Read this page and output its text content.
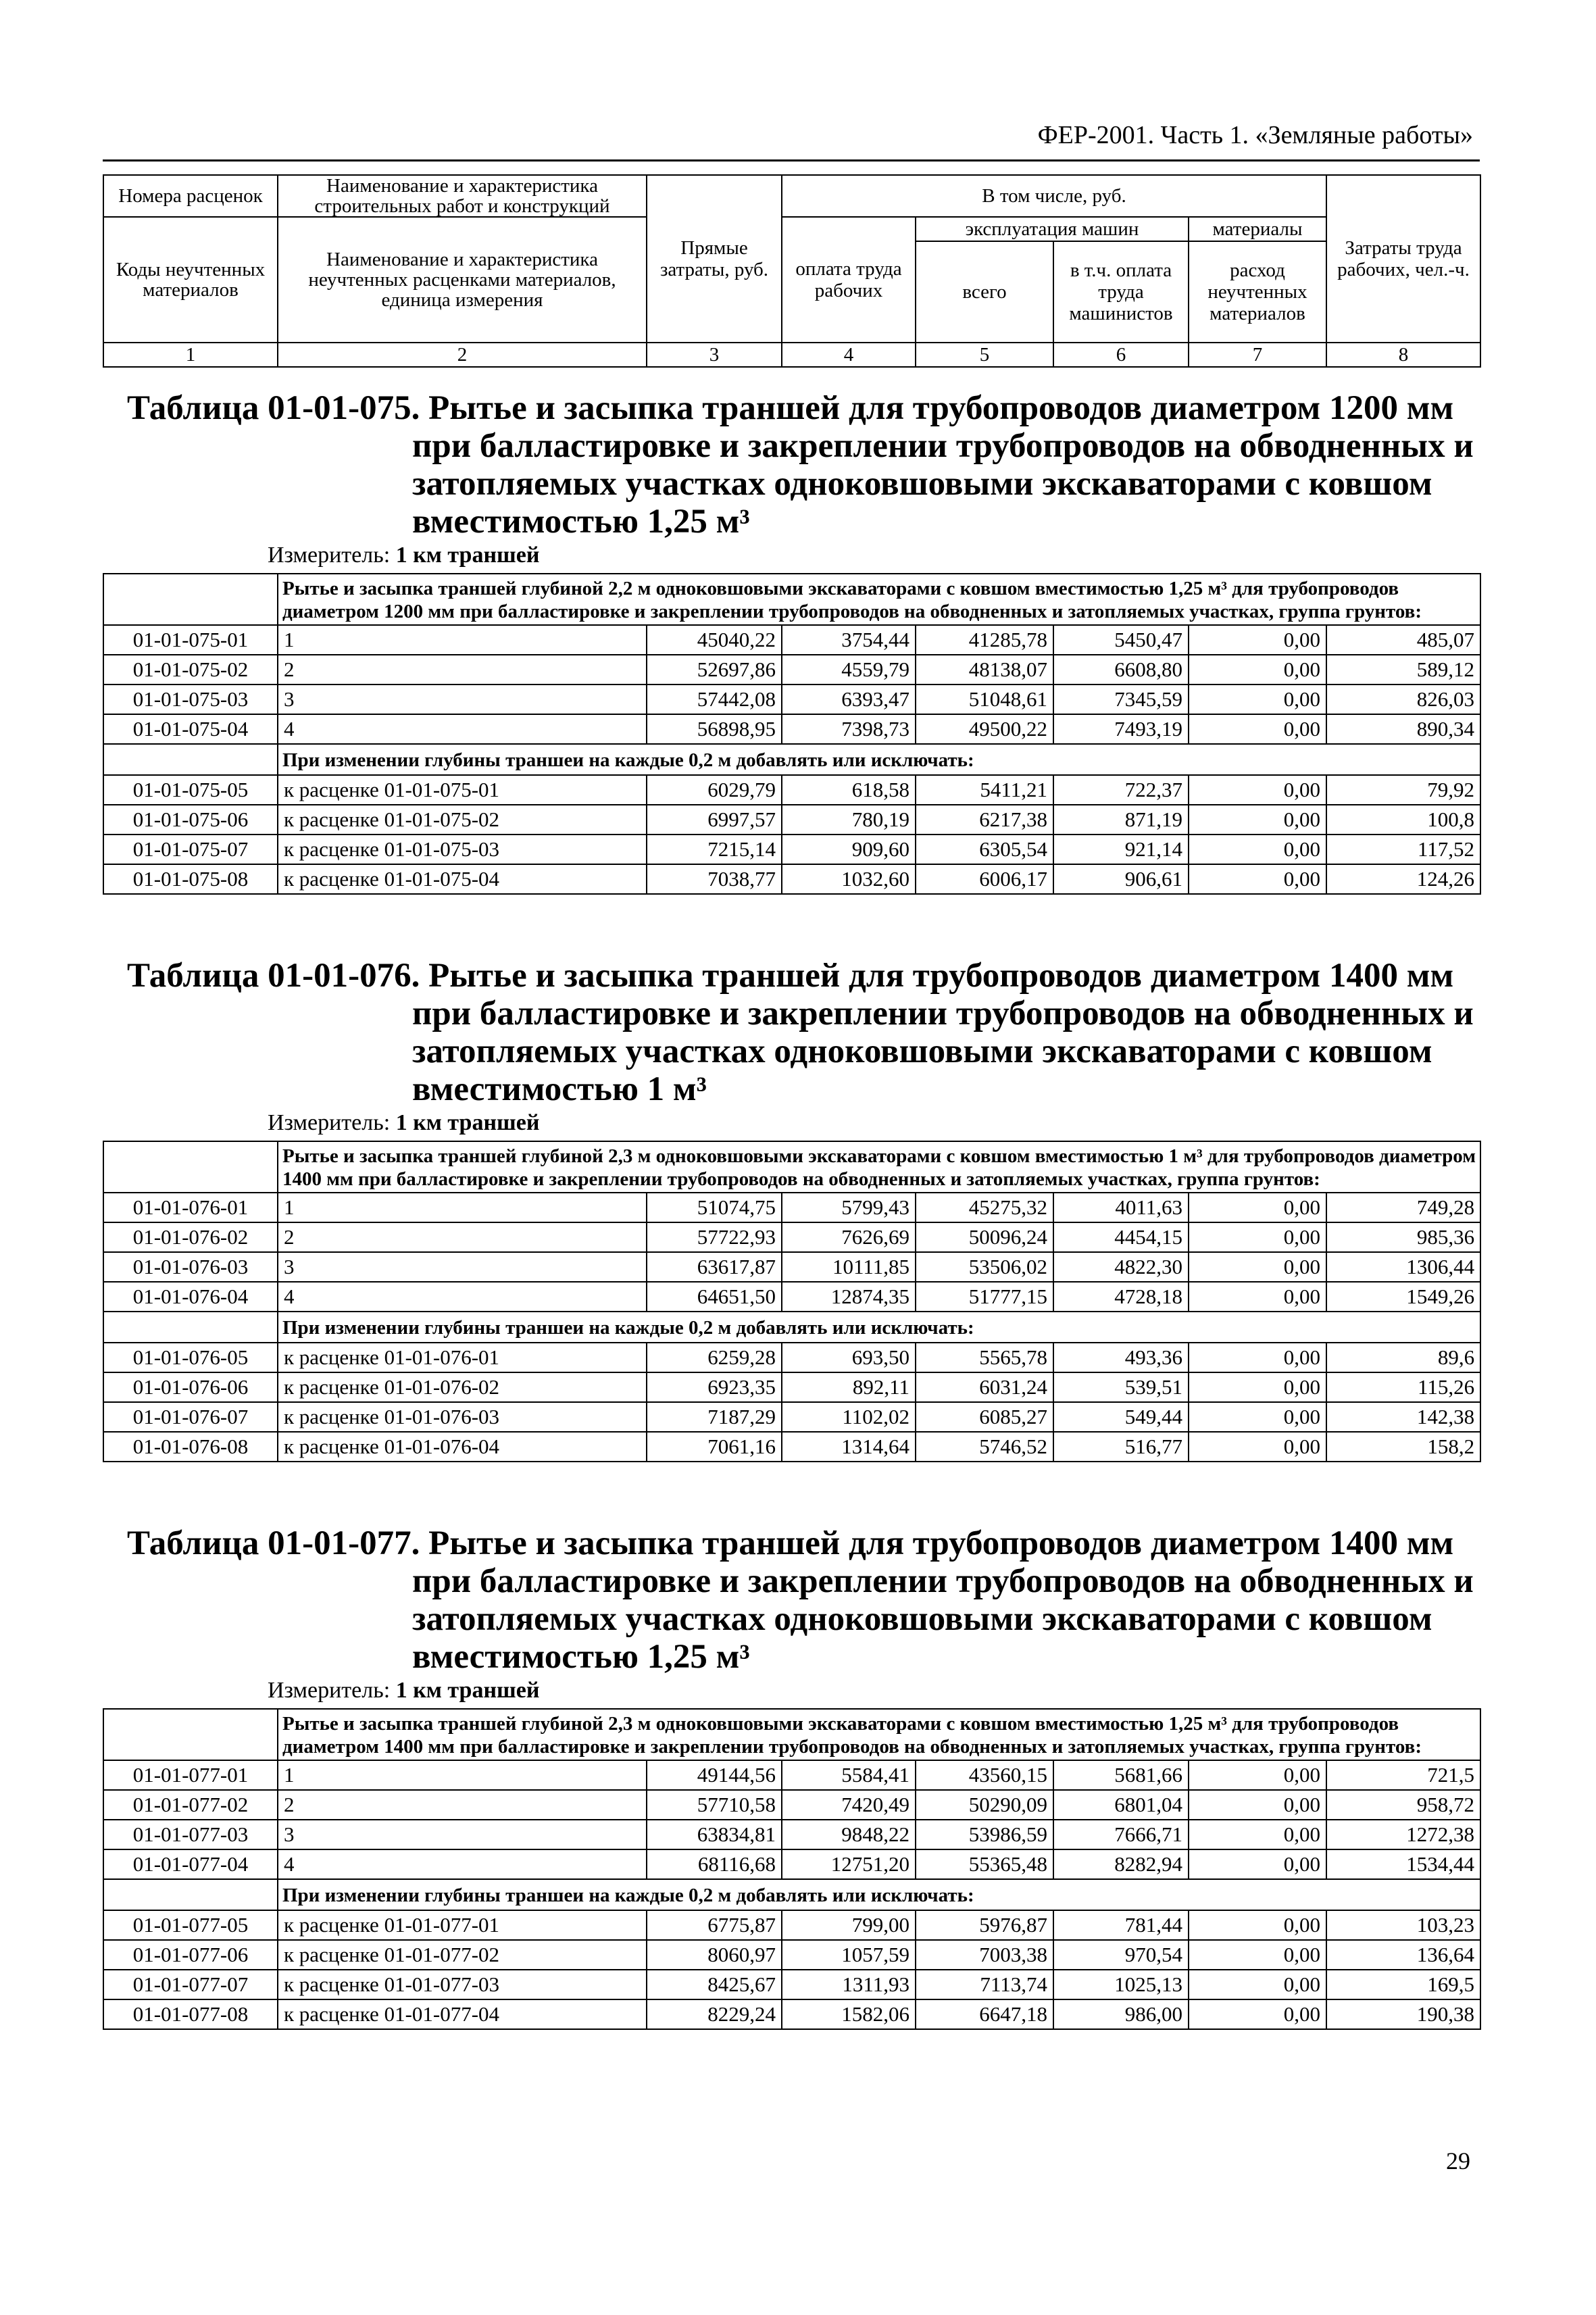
ФЕР-2001. Часть 1. «Земляные работы»
Номера расценок	Наименование и характеристика строительных работ и конструкций	Прямые затраты, руб.	В том числе, руб.				Затраты труда рабочих, чел.-ч.
Коды неучтенных материалов	Наименование и характеристика неучтенных расценками материалов, единица измерения		оплата труда рабочих	эксплуатация машин		материалы	
				всего	в т.ч. оплата труда машинистов	расход неучтенных материалов	
1	2	3	4	5	6	7	8
Таблица 01-01-075. Рытье и засыпка траншей для трубопроводов диаметром 1200 мм при балластировке и закреплении трубопроводов на обводненных и затопляемых участках одноковшовыми экскаваторами с ковшом вместимостью 1,25 м³
Измеритель: 1 км траншей
	Рытье и засыпка траншей глубиной 2,2 м одноковшовыми экскаваторами с ковшом вместимостью 1,25 м³ для трубопроводов диаметром 1200 мм при балластировке и закреплении трубопроводов на обводненных и затопляемых участках, группа грунтов:						
01-01-075-01	1	45040,22	3754,44	41285,78	5450,47	0,00	485,07
01-01-075-02	2	52697,86	4559,79	48138,07	6608,80	0,00	589,12
01-01-075-03	3	57442,08	6393,47	51048,61	7345,59	0,00	826,03
01-01-075-04	4	56898,95	7398,73	49500,22	7493,19	0,00	890,34
	При изменении глубины траншеи на каждые 0,2 м добавлять или исключать:						
01-01-075-05	к расценке 01-01-075-01	6029,79	618,58	5411,21	722,37	0,00	79,92
01-01-075-06	к расценке 01-01-075-02	6997,57	780,19	6217,38	871,19	0,00	100,8
01-01-075-07	к расценке 01-01-075-03	7215,14	909,60	6305,54	921,14	0,00	117,52
01-01-075-08	к расценке 01-01-075-04	7038,77	1032,60	6006,17	906,61	0,00	124,26
Таблица 01-01-076. Рытье и засыпка траншей для трубопроводов диаметром 1400 мм при балластировке и закреплении трубопроводов на обводненных и затопляемых участках одноковшовыми экскаваторами с ковшом вместимостью 1 м³
Измеритель: 1 км траншей
	Рытье и засыпка траншей глубиной 2,3 м одноковшовыми экскаваторами с ковшом вместимостью 1 м³ для трубопроводов диаметром 1400 мм при балластировке и закреплении трубопроводов на обводненных и затопляемых участках, группа грунтов:						
01-01-076-01	1	51074,75	5799,43	45275,32	4011,63	0,00	749,28
01-01-076-02	2	57722,93	7626,69	50096,24	4454,15	0,00	985,36
01-01-076-03	3	63617,87	10111,85	53506,02	4822,30	0,00	1306,44
01-01-076-04	4	64651,50	12874,35	51777,15	4728,18	0,00	1549,26
	При изменении глубины траншеи на каждые 0,2 м добавлять или исключать:						
01-01-076-05	к расценке 01-01-076-01	6259,28	693,50	5565,78	493,36	0,00	89,6
01-01-076-06	к расценке 01-01-076-02	6923,35	892,11	6031,24	539,51	0,00	115,26
01-01-076-07	к расценке 01-01-076-03	7187,29	1102,02	6085,27	549,44	0,00	142,38
01-01-076-08	к расценке 01-01-076-04	7061,16	1314,64	5746,52	516,77	0,00	158,2
Таблица 01-01-077. Рытье и засыпка траншей для трубопроводов диаметром 1400 мм при балластировке и закреплении трубопроводов на обводненных и затопляемых участках одноковшовыми экскаваторами с ковшом вместимостью 1,25 м³
Измеритель: 1 км траншей
	Рытье и засыпка траншей глубиной 2,3 м одноковшовыми экскаваторами с ковшом вместимостью 1,25 м³ для трубопроводов диаметром 1400 мм при балластировке и закреплении трубопроводов на обводненных и затопляемых участках, группа грунтов:						
01-01-077-01	1	49144,56	5584,41	43560,15	5681,66	0,00	721,5
01-01-077-02	2	57710,58	7420,49	50290,09	6801,04	0,00	958,72
01-01-077-03	3	63834,81	9848,22	53986,59	7666,71	0,00	1272,38
01-01-077-04	4	68116,68	12751,20	55365,48	8282,94	0,00	1534,44
	При изменении глубины траншеи на каждые 0,2 м добавлять или исключать:						
01-01-077-05	к расценке 01-01-077-01	6775,87	799,00	5976,87	781,44	0,00	103,23
01-01-077-06	к расценке 01-01-077-02	8060,97	1057,59	7003,38	970,54	0,00	136,64
01-01-077-07	к расценке 01-01-077-03	8425,67	1311,93	7113,74	1025,13	0,00	169,5
01-01-077-08	к расценке 01-01-077-04	8229,24	1582,06	6647,18	986,00	0,00	190,38
29
